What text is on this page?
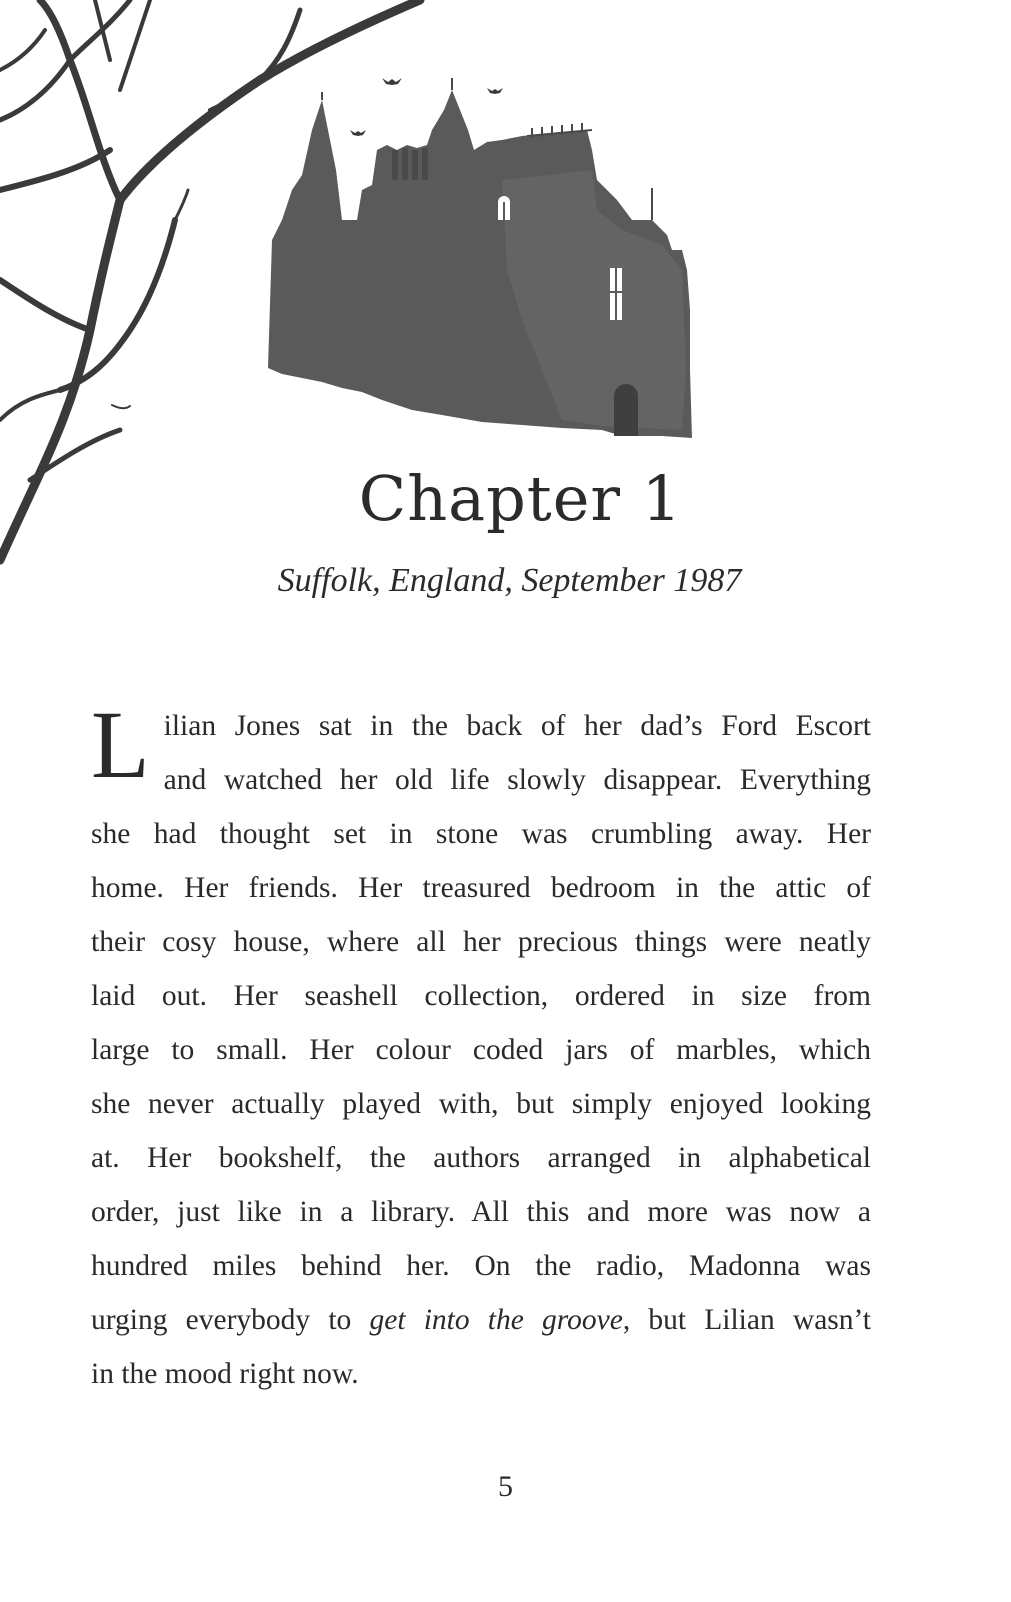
Chapter 1

Suffolk, England, September 1987

L ilian Jones sat in the back of her dad’s Ford Escort
and watched her old life slowly disappear. Everything
she had thought set in stone was crumbling away. Her
home. Her friends. Her treasured bedroom in the attic of
their cosy house, where all her precious things were neatly
laid out. Her seashell collection, ordered in size from
large to small. Her colour coded jars of marbles, which
she never actually played with, but simply enjoyed looking
at. Her bookshelf, the authors arranged in alphabetical
order, just like in a library. All this and more was now a
hundred miles behind her. On the radio, Madonna was
urging everybody to get into the groove, but Lilian wasn’t
in the mood right now.
5
